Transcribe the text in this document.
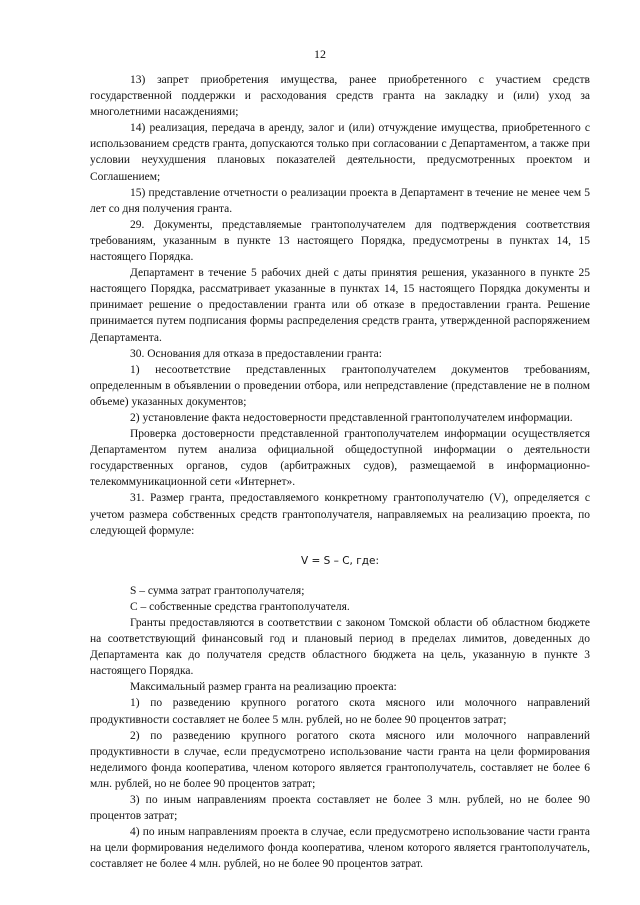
12

13) запрет приобретения имущества, ранее приобретенного с участием средств государственной поддержки и расходования средств гранта на закладку и (или) уход за многолетними насаждениями;

14) реализация, передача в аренду, залог и (или) отчуждение имущества, приобретенного с использованием средств гранта, допускаются только при согласовании с Департаментом, а также при условии неухудшения плановых показателей деятельности, предусмотренных проектом и Соглашением;

15) представление отчетности о реализации проекта в Департамент в течение не менее чем 5 лет со дня получения гранта.

29. Документы, представляемые грантополучателем для подтверждения соответствия требованиям, указанным в пункте 13 настоящего Порядка, предусмотрены в пунктах 14, 15 настоящего Порядка.

Департамент в течение 5 рабочих дней с даты принятия решения, указанного в пункте 25 настоящего Порядка, рассматривает указанные в пунктах 14, 15 настоящего Порядка документы и принимает решение о предоставлении гранта или об отказе в предоставлении гранта. Решение принимается путем подписания формы распределения средств гранта, утвержденной распоряжением Департамента.

30. Основания для отказа в предоставлении гранта:

1) несоответствие представленных грантополучателем документов требованиям, определенным в объявлении о проведении отбора, или непредставление (представление не в полном объеме) указанных документов;

2) установление факта недостоверности представленной грантополучателем информации.

Проверка достоверности представленной грантополучателем информации осуществляется Департаментом путем анализа официальной общедоступной информации о деятельности государственных органов, судов (арбитражных судов), размещаемой в информационно-телекоммуникационной сети «Интернет».

31. Размер гранта, предоставляемого конкретному грантополучателю (V), определяется с учетом размера собственных средств грантополучателя, направляемых на реализацию проекта, по следующей формуле:

V = S – C, где:

S – сумма затрат грантополучателя;

C – собственные средства грантополучателя.

Гранты предоставляются в соответствии с законом Томской области об областном бюджете на соответствующий финансовый год и плановый период в пределах лимитов, доведенных до Департамента как до получателя средств областного бюджета на цель, указанную в пункте 3 настоящего Порядка.

Максимальный размер гранта на реализацию проекта:

1) по разведению крупного рогатого скота мясного или молочного направлений продуктивности составляет не более 5 млн. рублей, но не более 90 процентов затрат;

2) по разведению крупного рогатого скота мясного или молочного направлений продуктивности в случае, если предусмотрено использование части гранта на цели формирования неделимого фонда кооператива, членом которого является грантополучатель, составляет не более 6 млн. рублей, но не более 90 процентов затрат;

3) по иным направлениям проекта составляет не более 3 млн. рублей, но не более 90 процентов затрат;

4) по иным направлениям проекта в случае, если предусмотрено использование части гранта на цели формирования неделимого фонда кооператива, членом которого является грантополучатель, составляет не более 4 млн. рублей, но не более 90 процентов затрат.
